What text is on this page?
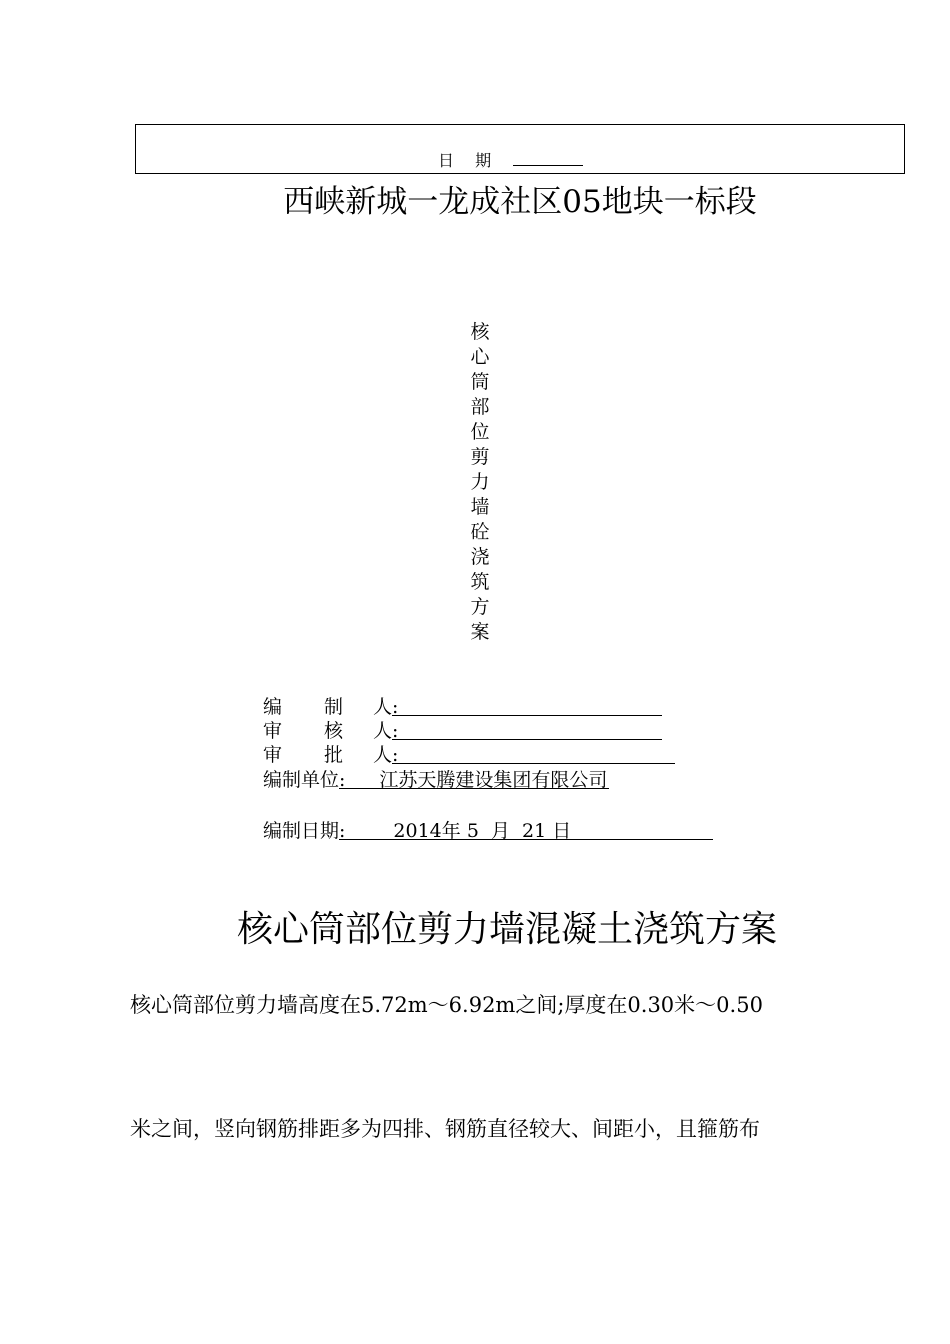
日 期
西峡新城一龙成社区05地块一标段
核心筒部位剪力墙砼浇筑方案
编 制 人:
审 核 人:
审 批 人:
编制单位: 江苏天腾建设集团有限公司
编制日期:	2014年 5  月  21 日
核心筒部位剪力墙混凝土浇筑方案
核心筒部位剪力墙高度在5.72m～6.92m之间;厚度在0.30米～0.50
米之间，竖向钢筋排距多为四排、钢筋直径较大、间距小，且箍筋布
